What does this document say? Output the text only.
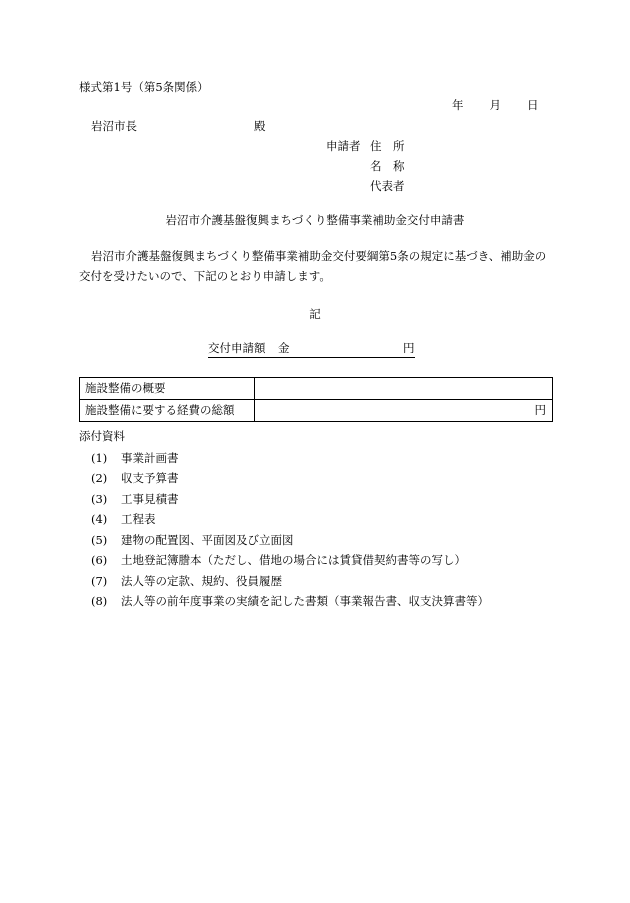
様式第1号（第5条関係）
年 月 日
岩沼市長	殿
申請者 住　所
名　称
代表者
岩沼市介護基盤復興まちづくり整備事業補助金交付申請書
岩沼市介護基盤復興まちづくり整備事業補助金交付要綱第5条の規定に基づき、補助金の交付を受けたいので、下記のとおり申請します。
記
交付申請額	金	円
施設整備の概要	
施設整備に要する経費の総額	円
添付資料
(1)	事業計画書
(2)	収支予算書
(3)	工事見積書
(4)	工程表
(5)	建物の配置図、平面図及び立面図
(6)	土地登記簿謄本（ただし、借地の場合には賃貸借契約書等の写し）
(7)	法人等の定款、規約、役員履歴
(8)	法人等の前年度事業の実績を記した書類（事業報告書、収支決算書等）
